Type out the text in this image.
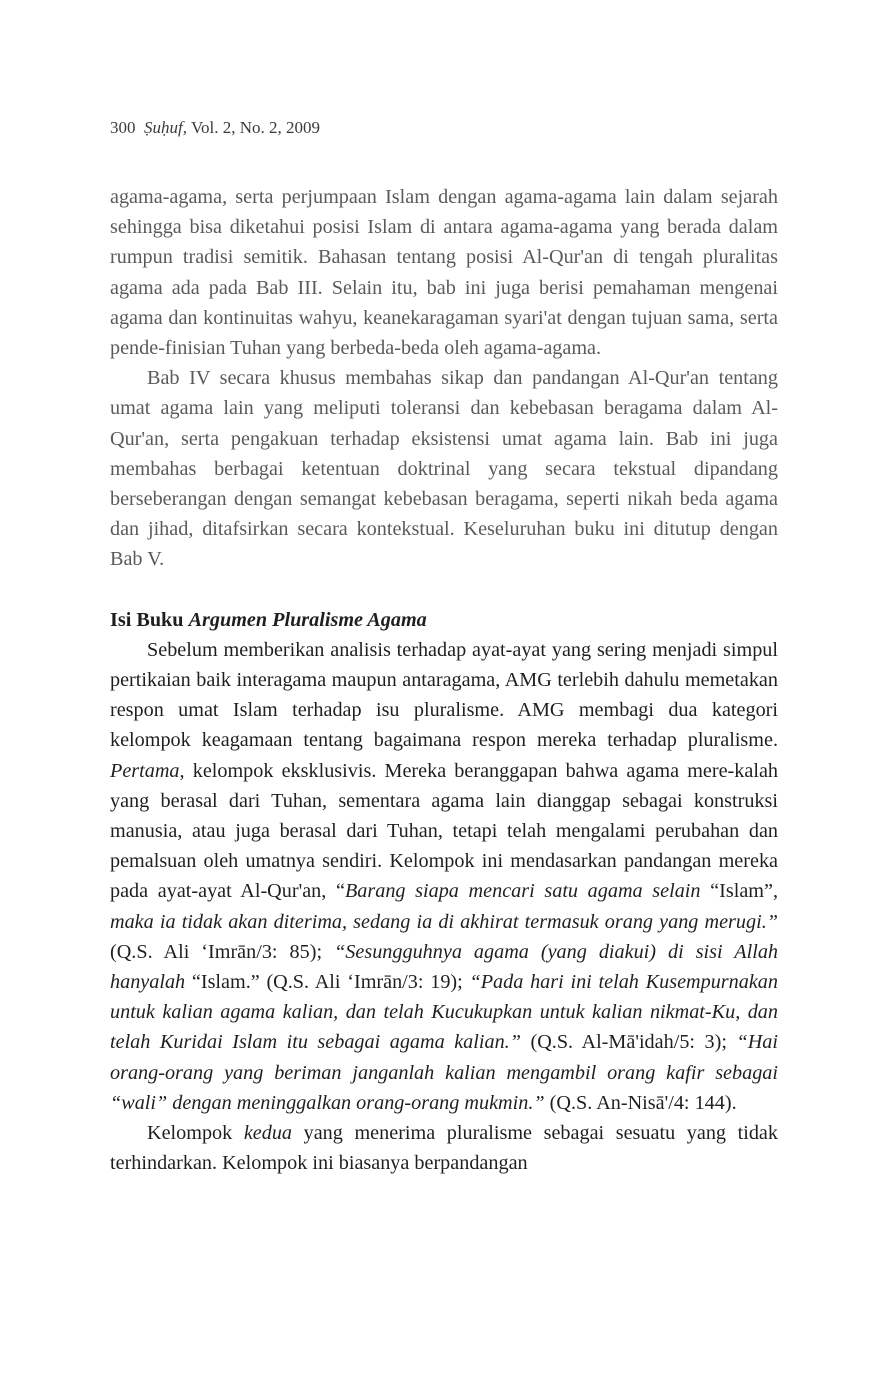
300 Ṣuḥuf, Vol. 2, No. 2, 2009

agama-agama, serta perjumpaan Islam dengan agama-agama lain dalam sejarah sehingga bisa diketahui posisi Islam di antara agama-agama yang berada dalam rumpun tradisi semitik. Bahasan tentang posisi Al-Qur'an di tengah pluralitas agama ada pada Bab III. Selain itu, bab ini juga berisi pemahaman mengenai agama dan kontinuitas wahyu, keanekaragaman syari'at dengan tujuan sama, serta pende-finisian Tuhan yang berbeda-beda oleh agama-agama.

Bab IV secara khusus membahas sikap dan pandangan Al-Qur'an tentang umat agama lain yang meliputi toleransi dan kebebasan beragama dalam Al-Qur'an, serta pengakuan terhadap eksistensi umat agama lain. Bab ini juga membahas berbagai ketentuan doktrinal yang secara tekstual dipandang berseberangan dengan semangat kebebasan beragama, seperti nikah beda agama dan jihad, ditafsirkan secara kontekstual. Keseluruhan buku ini ditutup dengan Bab V.

Isi Buku Argumen Pluralisme Agama

Sebelum memberikan analisis terhadap ayat-ayat yang sering menjadi simpul pertikaian baik interagama maupun antaragama, AMG terlebih dahulu memetakan respon umat Islam terhadap isu pluralisme. AMG membagi dua kategori kelompok keagamaan tentang bagaimana respon mereka terhadap pluralisme. Pertama, kelompok eksklusivis. Mereka beranggapan bahwa agama mere-kalah yang berasal dari Tuhan, sementara agama lain dianggap sebagai konstruksi manusia, atau juga berasal dari Tuhan, tetapi telah mengalami perubahan dan pemalsuan oleh umatnya sendiri. Kelompok ini mendasarkan pandangan mereka pada ayat-ayat Al-Qur'an, “Barang siapa mencari satu agama selain “Islam”, maka ia tidak akan diterima, sedang ia di akhirat termasuk orang yang merugi.” (Q.S. Ali ‘Imrān/3: 85); “Sesungguhnya agama (yang diakui) di sisi Allah hanyalah “Islam.” (Q.S. Ali ‘Imrān/3: 19); “Pada hari ini telah Kusempurnakan untuk kalian agama kalian, dan telah Kucukupkan untuk kalian nikmat-Ku, dan telah Kuridai Islam itu sebagai agama kalian.” (Q.S. Al-Mā'idah/5: 3); “Hai orang-orang yang beriman janganlah kalian mengambil orang kafir sebagai “wali” dengan meninggalkan orang-orang mukmin.” (Q.S. An-Nisā'/4: 144).

Kelompok kedua yang menerima pluralisme sebagai sesuatu yang tidak terhindarkan. Kelompok ini biasanya berpandangan
